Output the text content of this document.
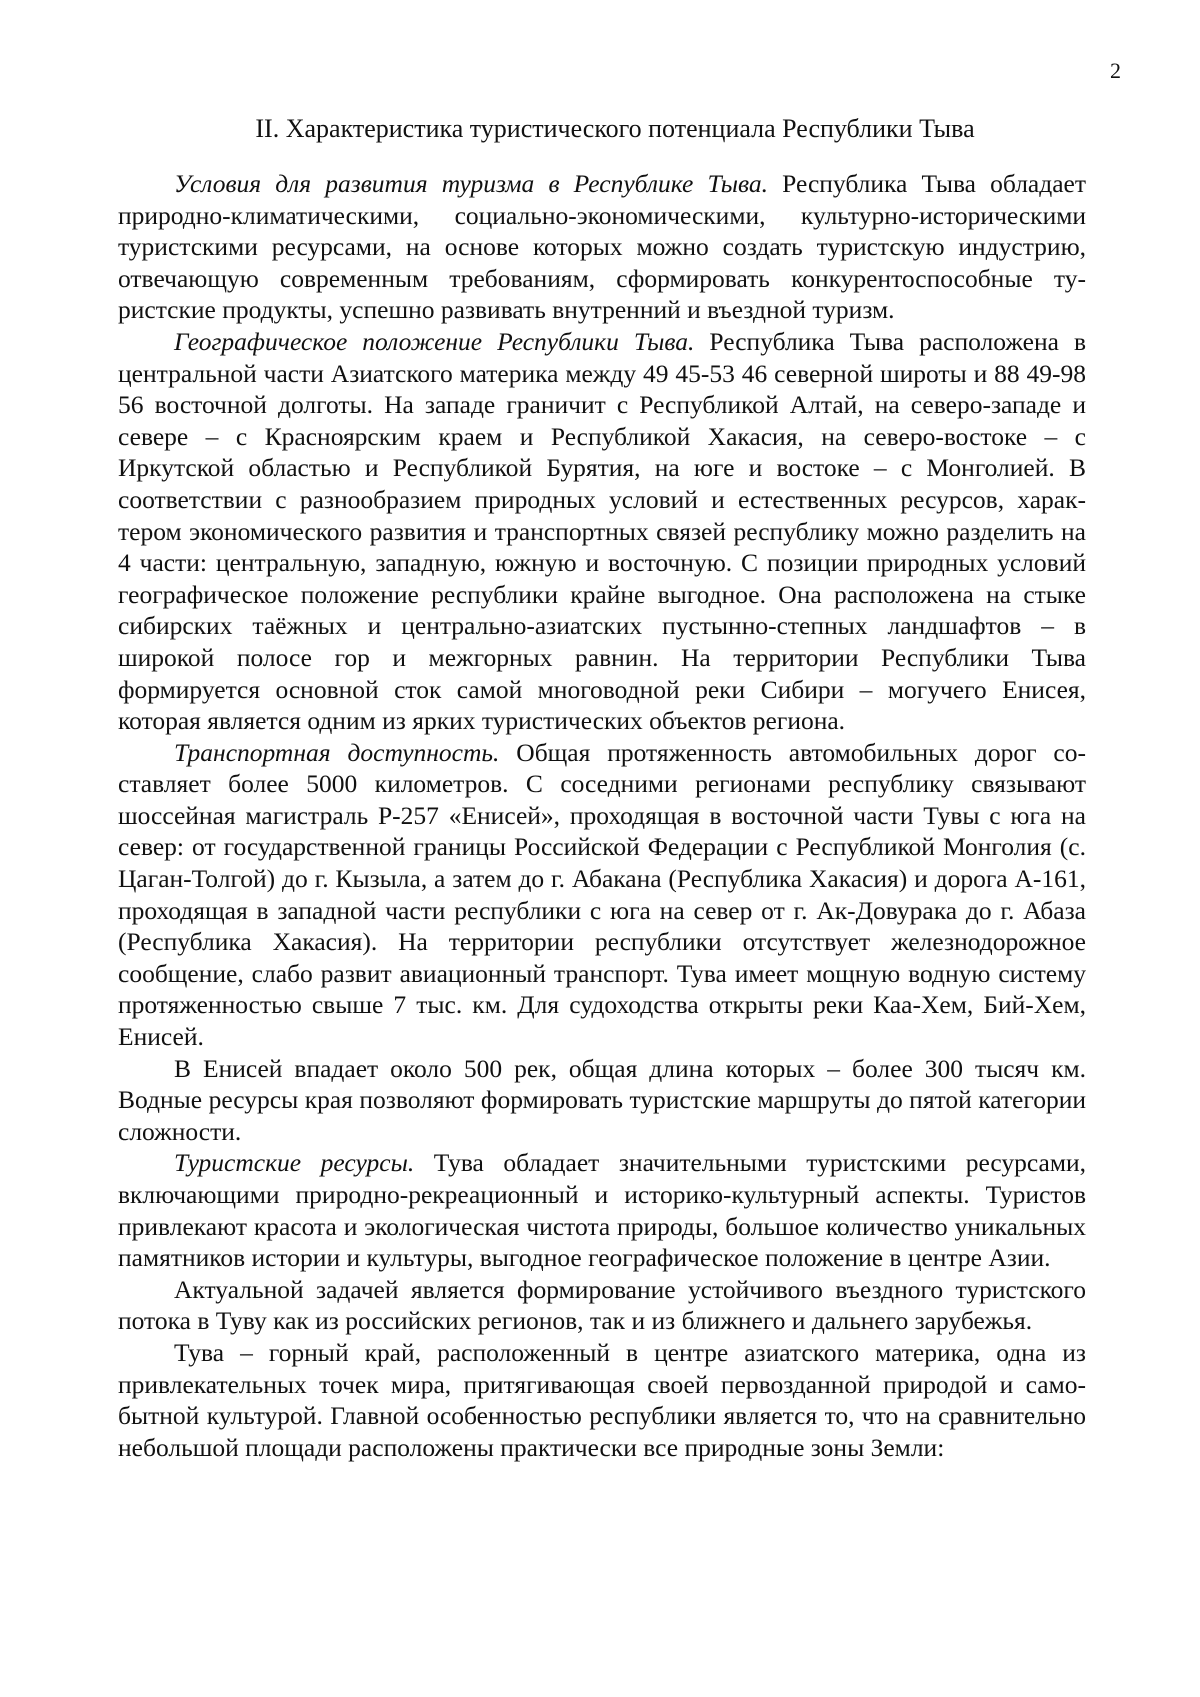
2
II. Характеристика туристического потенциала Республики Тыва

Условия для развития туризма в Республике Тыва. Республика Тыва обладает природно-климатическими, социально-экономическими, культурно-историческими туристскими ресурсами, на основе которых можно создать туристскую индустрию, отвечающую современным требованиям, сформировать конкурентоспособные туристские продукты, успешно развивать внутренний и въездной туризм.

Географическое положение Республики Тыва. Республика Тыва расположена в центральной части Азиатского материка между 49 45-53 46 северной широты и 88 49-98 56 восточной долготы. На западе граничит с Республикой Алтай, на северо-западе и севере – с Красноярским краем и Республикой Хакасия, на северо-востоке – с Иркутской областью и Республикой Бурятия, на юге и востоке – с Монголией. В соответствии с разнообразием природных условий и естественных ресурсов, характером экономического развития и транспортных связей республику можно разделить на 4 части: центральную, западную, южную и восточную. С позиции природных условий географическое положение республики крайне выгодное. Она расположена на стыке сибирских таёжных и центрально-азиатских пустынно-степных ландшафтов – в широкой полосе гор и межгорных равнин. На территории Республики Тыва формируется основной сток самой многоводной реки Сибири – могучего Енисея, которая является одним из ярких туристических объектов региона.

Транспортная доступность. Общая протяженность автомобильных дорог составляет более 5000 километров. С соседними регионами республику связывают шоссейная магистраль Р-257 «Енисей», проходящая в восточной части Тувы с юга на север: от государственной границы Российской Федерации с Республикой Монголия (с. Цаган-Толгой) до г. Кызыла, а затем до г. Абакана (Республика Хакасия) и дорога А-161, проходящая в западной части республики с юга на север от г. Ак-Довурака до г. Абаза (Республика Хакасия). На территории республики отсутствует железнодорожное сообщение, слабо развит авиационный транспорт. Тува имеет мощную водную систему протяженностью свыше 7 тыс. км. Для судоходства открыты реки Каа-Хем, Бий-Хем, Енисей.

В Енисей впадает около 500 рек, общая длина которых – более 300 тысяч км. Водные ресурсы края позволяют формировать туристские маршруты до пятой категории сложности.

Туристские ресурсы. Тува обладает значительными туристскими ресурсами, включающими природно-рекреационный и историко-культурный аспекты. Туристов привлекают красота и экологическая чистота природы, большое количество уникальных памятников истории и культуры, выгодное географическое положение в центре Азии.

Актуальной задачей является формирование устойчивого въездного туристского потока в Туву как из российских регионов, так и из ближнего и дальнего зарубежья.

Тува – горный край, расположенный в центре азиатского материка, одна из привлекательных точек мира, притягивающая своей первозданной природой и самобытной культурой. Главной особенностью республики является то, что на сравнительно небольшой площади расположены практически все природные зоны Земли:
